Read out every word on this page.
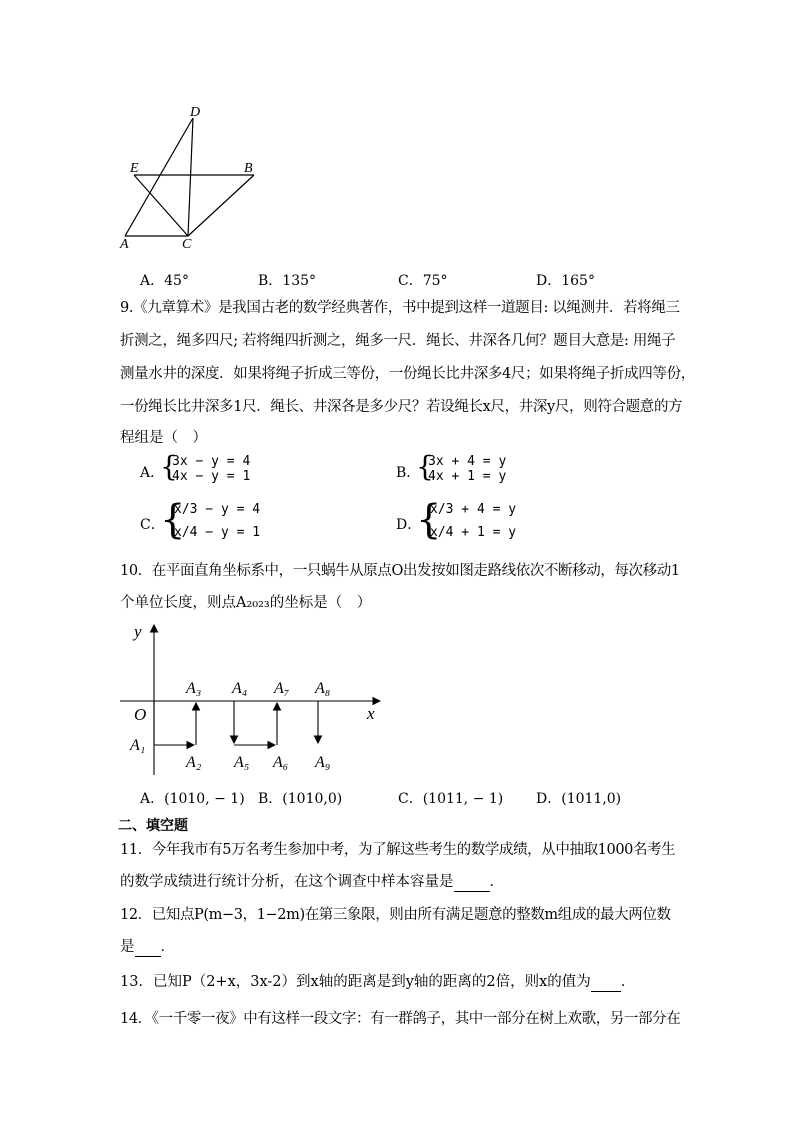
D
E	B
A	C
A．45°	B．135°	C．75°	D．165°
9.《九章算术》是我国古老的数学经典著作，书中提到这样一道题目: 以绳测井．若将绳三
折测之，绳多四尺; 若将绳四折测之，绳多一尺．绳长、井深各几何？题目大意是: 用绳子
测量水井的深度．如果将绳子折成三等份，一份绳长比井深多4尺；如果将绳子折成四等份，
一份绳长比井深多1尺．绳长、井深各是多少尺？若设绳长x尺，井深y尺，则符合题意的方
程组是（　）
A．
{
3x − y = 4
4x − y = 1	B．
{
3x + 4 = y
4x + 1 = y
C．
{
x/3 − y = 4
x/4 − y = 1	D．
{
x/3 + 4 = y
x/4 + 1 = y
10．在平面直角坐标系中，一只蜗牛从原点O出发按如图走路线依次不断移动，每次移动1
个单位长度，则点A₂₀₂₃的坐标是（　）
y
x
O
A₁
A₂
A₃ A₄
A₅ A₆
A₇ A₈
A₉
A．(1010, − 1) B．(1010,0)	C．(1011, − 1) D．(1011,0)
二、填空题
11．今年我市有5万名考生参加中考，为了解这些考生的数学成绩，从中抽取1000名考生
的数学成绩进行统计分析，在这个调查中样本容量是 ．
12．已知点P(m−3，1−2m)在第三象限，则由所有满足题意的整数m组成的最大两位数
是 ．
13．已知P（2+x，3x-2）到x轴的距离是到y轴的距离的2倍，则x的值为 ．
14．《一千零一夜》中有这样一段文字：有一群鸽子，其中一部分在树上欢歌，另一部分在
